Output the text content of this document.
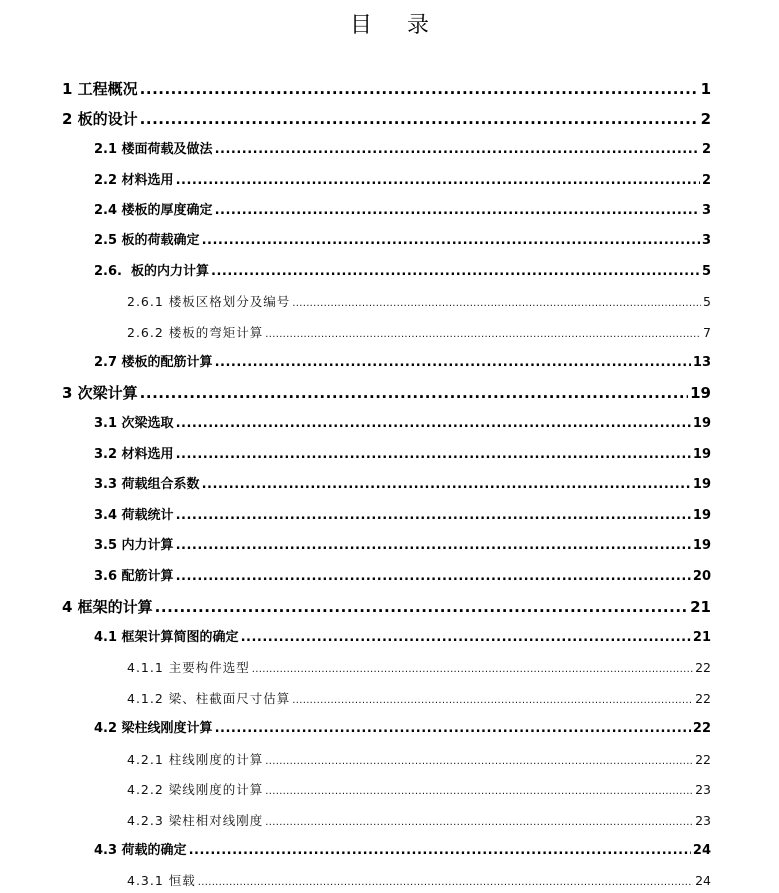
目 录
1 工程概况 .....	1
2 板的设计 .....	2
2.1 楼面荷载及做法 .....	2
2.2 材料选用 .....	2
2.4 楼板的厚度确定 .....	3
2.5 板的荷载确定 .....	3
2.6.  板的内力计算 .....	5
2.6.1 楼板区格划分及编号 .....	5
2.6.2 楼板的弯矩计算 .....	7
2.7 楼板的配筋计算 .....	13
3 次梁计算 .....	19
3.1 次梁选取 .....	19
3.2 材料选用 .....	19
3.3 荷载组合系数 .....	19
3.4 荷载统计 .....	19
3.5 内力计算 .....	19
3.6 配筋计算 .....	20
4 框架的计算 .....	21
4.1 框架计算简图的确定 .....	21
4.1.1 主要构件选型 .....	22
4.1.2 梁、柱截面尺寸估算 .....	22
4.2 梁柱线刚度计算 .....	22
4.2.1 柱线刚度的计算 .....	22
4.2.2 梁线刚度的计算 .....	23
4.2.3 梁柱相对线刚度 .....	23
4.3 荷载的确定 .....	24
4.3.1 恒载 .....	24
